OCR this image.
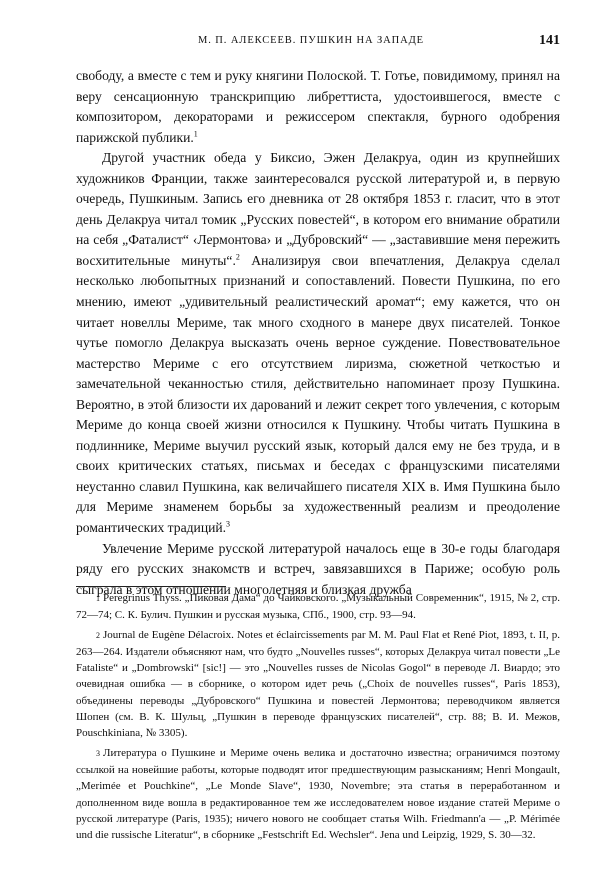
М. П. АЛЕКСЕЕВ. ПУШКИН НА ЗАПАДЕ	141

свободу, а вместе с тем и руку княгини Полоской. Т. Готье, повидимому, принял на веру сенсационную транскрипцию либреттиста, удостоившегося, вместе с композитором, декораторами и режиссером спектакля, бурного одобрения парижской публики.$^1$

Другой участник обеда у Биксио, Эжен Делакруа, один из крупнейших художников Франции, также заинтересовался русской литературой и, в первую очередь, Пушкиным. Запись его дневника от 28 октября 1853 г. гласит, что в этот день Делакруа читал томик „Русских повестей“, в котором его внимание обратили на себя „Фаталист“ ‹Лермонтова› и „Дубровский“ — „заставившие меня пережить восхитительные минуты“.$^2$ Анализируя свои впечатления, Делакруа сделал несколько любопытных признаний и сопоставлений. Повести Пушкина, по его мнению, имеют „удивительный реалистический аромат“; ему кажется, что он читает новеллы Мериме, так много сходного в манере двух писателей. Тонкое чутье помогло Делакруа высказать очень верное суждение. Повествовательное мастерство Мериме с его отсутствием лиризма, сюжетной четкостью и замечательной чеканностью стиля, действительно напоминает прозу Пушкина. Вероятно, в этой близости их дарований и лежит секрет того увлечения, с которым Мериме до конца своей жизни относился к Пушкину. Чтобы читать Пушкина в подлиннике, Мериме выучил русский язык, который дался ему не без труда, и в своих критических статьях, письмах и беседах с французскими писателями неустанно славил Пушкина, как величайшего писателя XIX в. Имя Пушкина было для Мериме знаменем борьбы за художественный реализм и преодоление романтических традиций.$^3$

Увлечение Мериме русской литературой началось еще в 30-е годы благодаря ряду его русских знакомств и встреч, завязавшихся в Париже; особую роль сыграла в этом отношении многолетняя и близкая дружба

1 Peregrinus Thyss. „Пиковая Дама“ до Чайковского. „Музыкальный Современник“, 1915, № 2, стр. 72—74; С. К. Булич. Пушкин и русская музыка, СПб., 1900, стр. 93—94.

2 Journal de Eugène Délacroix. Notes et éclaircissements par M. M. Paul Flat et René Piot, 1893, t. II, p. 263—264. Издатели объясняют нам, что будто „Nouvelles russes“, которых Делакруа читал повести „Le Fataliste“ и „Dombrowski“ [sic!] — это „Nouvelles russes de Nicolas Gogol“ в переводе Л. Виардо; это очевидная ошибка — в сборнике, о котором идет речь („Choix de nouvelles russes“, Paris 1853), объединены переводы „Дубровского“ Пушкина и повестей Лермонтова; переводчиком является Шопен (см. В. К. Шульц, „Пушкин в переводе французских писателей“, стр. 88; В. И. Межов, Pouschkiniana, № 3305).

3 Литература о Пушкине и Мериме очень велика и достаточно известна; ограничимся поэтому ссылкой на новейшие работы, которые подводят итог предшествующим разысканиям; Henri Mongault, „Merimée et Pouchkine“, „Le Monde Slave“, 1930, Novembre; эта статья в переработанном и дополненном виде вошла в редактированное тем же исследователем новое издание статей Мериме о русской литературе (Paris, 1935); ничего нового не сообщает статья Wilh. Friedmann'a — „P. Mérimée und die russische Literatur“, в сборнике „Festschrift Ed. Wechsler“. Jena und Leipzig, 1929, S. 30—32.
